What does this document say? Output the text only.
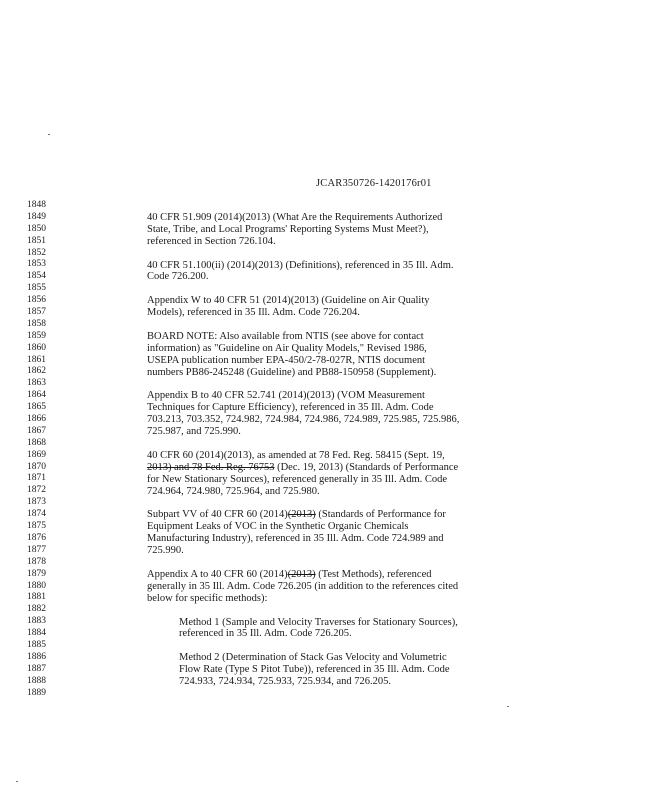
JCAR350726-1420176r01
1848
1849
1850
1851
1852
1853
1854
1855
1856
1857
1858
1859
1860
1861
1862
1863
1864
1865
1866
1867
1868
1869
1870
1871
1872
1873
1874
1875
1876
1877
1878
1879
1880
1881
1882
1883
1884
1885
1886
1887
1888
1889
40 CFR 51.909 (2014)(2013) (What Are the Requirements Authorized
State, Tribe, and Local Programs' Reporting Systems Must Meet?),
referenced in Section 726.104.
40 CFR 51.100(ii) (2014)(2013) (Definitions), referenced in 35 Ill. Adm.
Code 726.200.
Appendix W to 40 CFR 51 (2014)(2013) (Guideline on Air Quality
Models), referenced in 35 Ill. Adm. Code 726.204.
BOARD NOTE: Also available from NTIS (see above for contact
information) as "Guideline on Air Quality Models," Revised 1986,
USEPA publication number EPA-450/2-78-027R, NTIS document
numbers PB86-245248 (Guideline) and PB88-150958 (Supplement).
Appendix B to 40 CFR 52.741 (2014)(2013) (VOM Measurement
Techniques for Capture Efficiency), referenced in 35 Ill. Adm. Code
703.213, 703.352, 724.982, 724.984, 724.986, 724.989, 725.985, 725.986,
725.987, and 725.990.
40 CFR 60 (2014)(2013), as amended at 78 Fed. Reg. 58415 (Sept. 19,
2013) and 78 Fed. Reg. 76753 (Dec. 19, 2013) (Standards of Performance
for New Stationary Sources), referenced generally in 35 Ill. Adm. Code
724.964, 724.980, 725.964, and 725.980.
Subpart VV of 40 CFR 60 (2014)(2013) (Standards of Performance for
Equipment Leaks of VOC in the Synthetic Organic Chemicals
Manufacturing Industry), referenced in 35 Ill. Adm. Code 724.989 and
725.990.
Appendix A to 40 CFR 60 (2014)(2013) (Test Methods), referenced
generally in 35 Ill. Adm. Code 726.205 (in addition to the references cited
below for specific methods):
Method 1 (Sample and Velocity Traverses for Stationary Sources),
referenced in 35 Ill. Adm. Code 726.205.
Method 2 (Determination of Stack Gas Velocity and Volumetric
Flow Rate (Type S Pitot Tube)), referenced in 35 Ill. Adm. Code
724.933, 724.934, 725.933, 725.934, and 726.205.
